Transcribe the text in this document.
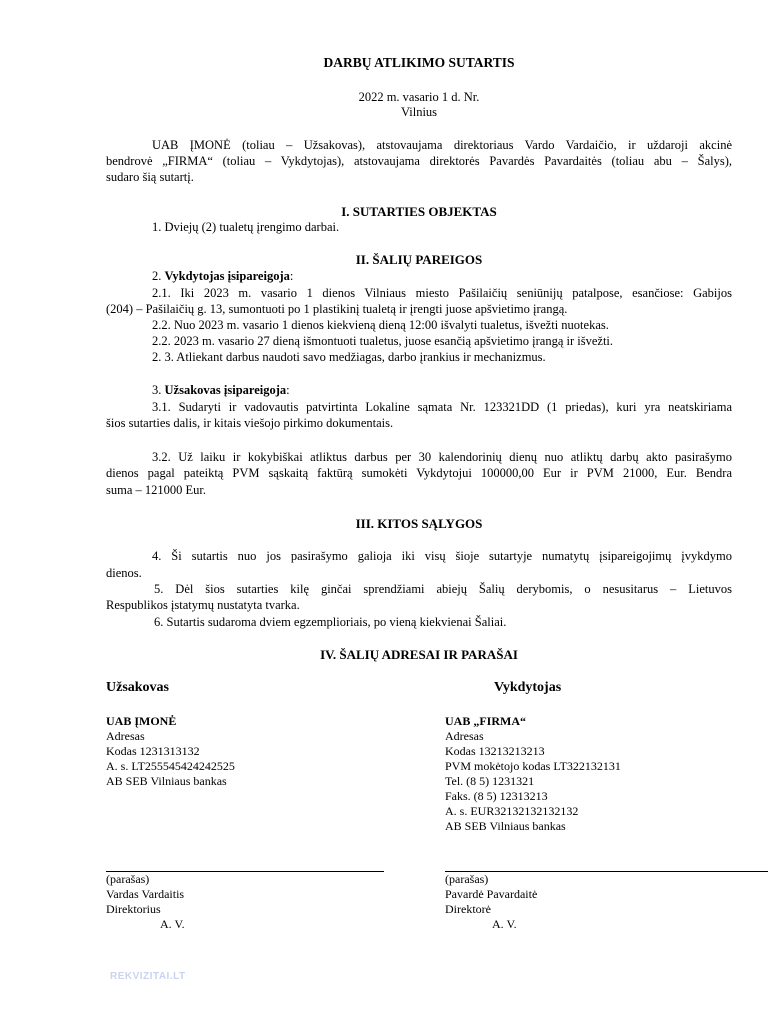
DARBŲ ATLIKIMO SUTARTIS
2022 m. vasario 1 d. Nr.
Vilnius
UAB ĮMONĖ (toliau – Užsakovas), atstovaujama direktoriaus Vardo Vardaičio, ir uždaroji akcinė
bendrovė „FIRMA“ (toliau – Vykdytojas), atstovaujama direktorės Pavardės Pavardaitės (toliau abu – Šalys),
sudaro šią sutartį.
I. SUTARTIES OBJEKTAS
1. Dviejų (2) tualetų įrengimo darbai.
II. ŠALIŲ PAREIGOS
2. Vykdytojas įsipareigoja:
2.1. Iki 2023 m. vasario 1 dienos Vilniaus miesto Pašilaičių seniūnijų patalpose, esančiose: Gabijos
(204) – Pašilaičių g. 13, sumontuoti po 1 plastikinį tualetą ir įrengti juose apšvietimo įrangą.
2.2. Nuo 2023 m. vasario 1 dienos kiekvieną dieną 12:00 išvalyti tualetus, išvežti nuotekas.
2.2. 2023 m. vasario 27 dieną išmontuoti tualetus, juose esančią apšvietimo įrangą ir išvežti.
2. 3. Atliekant darbus naudoti savo medžiagas, darbo įrankius ir mechanizmus.
3. Užsakovas įsipareigoja:
3.1. Sudaryti ir vadovautis patvirtinta Lokaline sąmata Nr. 123321DD (1 priedas), kuri yra neatskiriama
šios sutarties dalis, ir kitais viešojo pirkimo dokumentais.
3.2. Už laiku ir kokybiškai atliktus darbus per 30 kalendorinių dienų nuo atliktų darbų akto pasirašymo
dienos pagal pateiktą PVM sąskaitą faktūrą sumokėti Vykdytojui 100000,00 Eur ir PVM 21000, Eur. Bendra
suma – 121000 Eur.
III. KITOS SĄLYGOS
4. Ši sutartis nuo jos pasirašymo galioja iki visų šioje sutartyje numatytų įsipareigojimų įvykdymo
dienos.
5. Dėl šios sutarties kilę ginčai sprendžiami abiejų Šalių derybomis, o nesusitarus – Lietuvos
Respublikos įstatymų nustatyta tvarka.
6. Sutartis sudaroma dviem egzemplioriais, po vieną kiekvienai Šaliai.
IV. ŠALIŲ ADRESAI IR PARAŠAI
Užsakovas
UAB ĮMONĖ
Adresas
Kodas 1231313132
A. s. LT255545424242525
AB SEB Vilniaus bankas
(parašas)
Vardas Vardaitis
Direktorius
A. V.
Vykdytojas
UAB „FIRMA“
Adresas
Kodas 13213213213
PVM mokėtojo kodas LT322132131
Tel. (8 5) 1231321
Faks. (8 5) 12313213
A. s. EUR32132132132132
AB SEB Vilniaus bankas
(parašas)
Pavardė Pavardaitė
Direktorė
A. V.
REKVIZITAI.LT
